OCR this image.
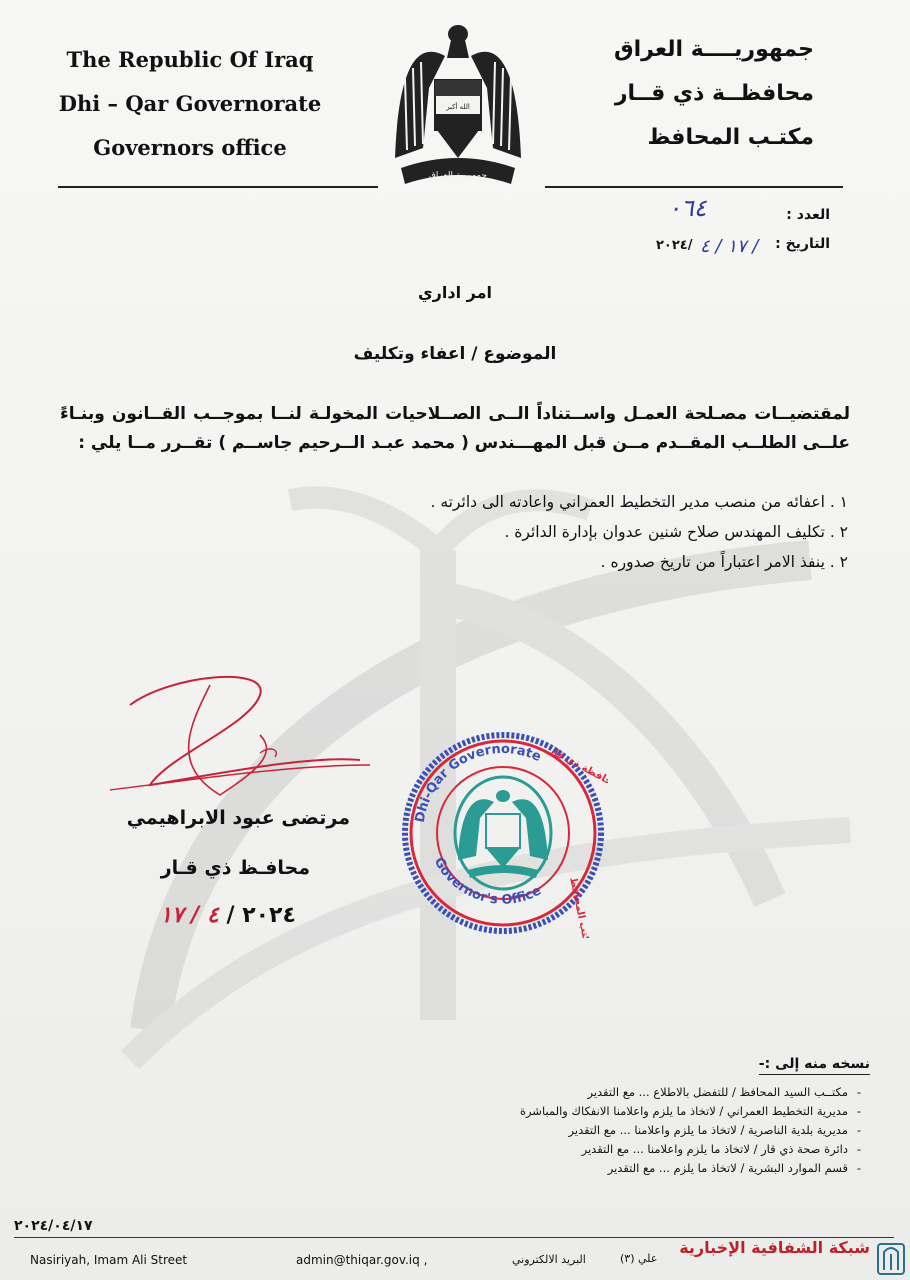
The Republic Of Iraq
Dhi – Qar Governorate
Governors office
الله أكبر
جمهورية العراق
جمهوريــــة العراق
محافظــة ذي قــار
مكتـب المحافظ
العدد :
٠٦٤
التاريخ :
١٧ / ٤ /
٢٠٢٤/
امر اداري
الموضوع / اعفاء وتكليف
لمقتضيــات مصـلحة العمـل واســتناداً الــى الصــلاحيات المخولـة لنــا بموجــب القــانون وبنـاءً علــى الطلــب المقــدم مــن قبل المهـــندس ( محمد عبـد الــرحيم جاســم ) تقــرر مــا يلي :
١ . اعفائه من منصب مدير التخطيط العمراني واعادته الى دائرته .
٢ . تكليف المهندس صلاح شنين عدوان بإدارة الدائرة .
٢ . ينفذ الامر اعتباراً من تاريخ صدوره .
مرتضى عبود الابراهيمي
محافـظ ذي قـار
٢٠٢٤ / ٤ / ١٧
Dhi-Qar Governorate
Governor's Office
محافظة ذي قار
مكتب المحافظ
نسخه منه إلى :-
- مكتــب السيد المحافظ / للتفضل بالاطلاع ... مع التقدير
- مديرية التخطيط العمراني / لاتخاذ ما يلزم واعلامنا الانفكاك والمباشرة
- مديرية بلدية الناصرية / لاتخاذ ما يلزم واعلامنا ... مع التقدير
- دائرة صحة ذي قار / لاتخاذ ما يلزم واعلامنا ... مع التقدير
- قسم الموارد البشرية / لاتخاذ ما يلزم ... مع التقدير
٢٠٢٤/٠٤/١٧
Nasiriyah, Imam Ali Street	admin@thiqar.gov.iq ,	البريد الالكتروني	علي (٣)
شبكة الشفافية الإخبارية
